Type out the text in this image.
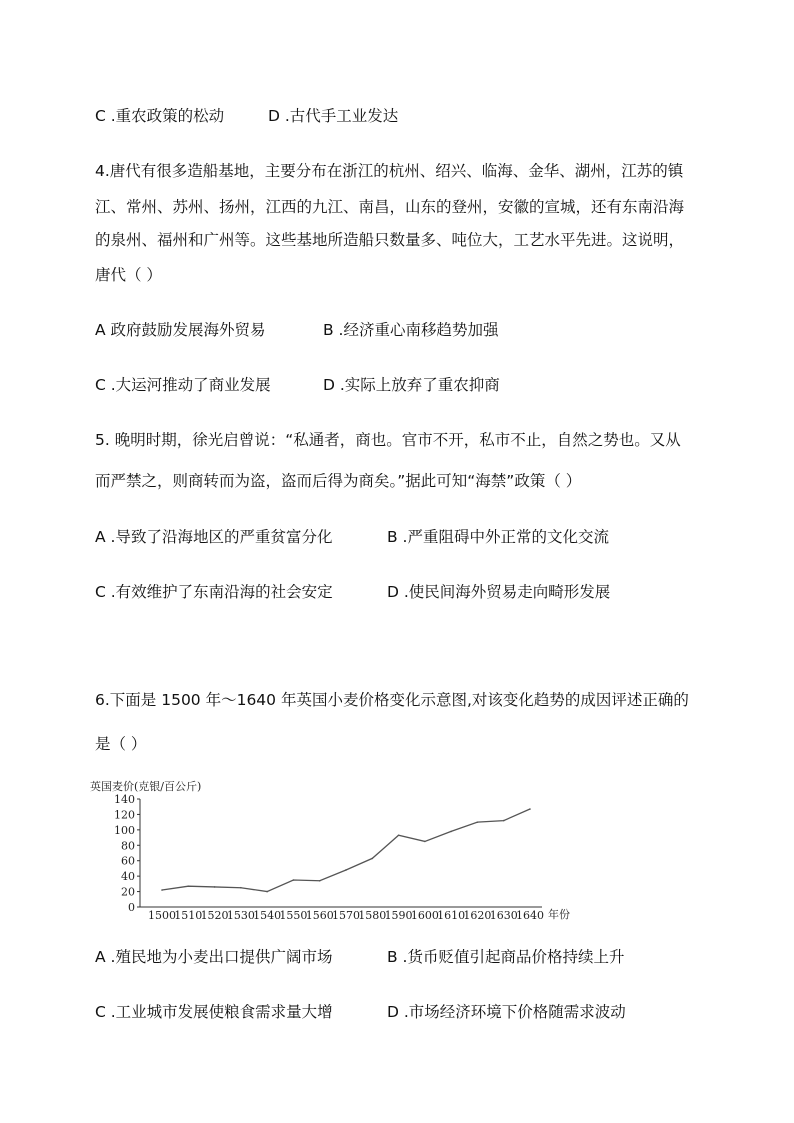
C .重农政策的松动	D .古代手工业发达
4.唐代有很多造船基地，主要分布在浙江的杭州、绍兴、临海、金华、湖州，江苏的镇
江、常州、苏州、扬州，江西的九江、南昌，山东的登州，安徽的宣城，还有东南沿海
的泉州、福州和广州等。这些基地所造船只数量多、吨位大，工艺水平先进。这说明，
唐代（ ）
A 政府鼓励发展海外贸易	B .经济重心南移趋势加强
C .大运河推动了商业发展	D .实际上放弃了重农抑商
5. 晚明时期，徐光启曾说：“私通者，商也。官市不开，私市不止，自然之势也。又从
而严禁之，则商转而为盗，盗而后得为商矣。”据此可知“海禁”政策（ ）
A .导致了沿海地区的严重贫富分化	B .严重阻碍中外正常的文化交流
C .有效维护了东南沿海的社会安定	D .使民间海外贸易走向畸形发展
6.下面是 1500 年～1640 年英国小麦价格变化示意图,对该变化趋势的成因评述正确的
是（ ）
英国麦价(克银/百公斤)
0
20
40
60
80
100
120
140
1500
1510
1520
1530
1540
1550
1560
1570
1580
1590
1600
1610
1620
1630
1640 年份
A .殖民地为小麦出口提供广阔市场	B .货币贬值引起商品价格持续上升
C .工业城市发展使粮食需求量大增	D .市场经济环境下价格随需求波动
